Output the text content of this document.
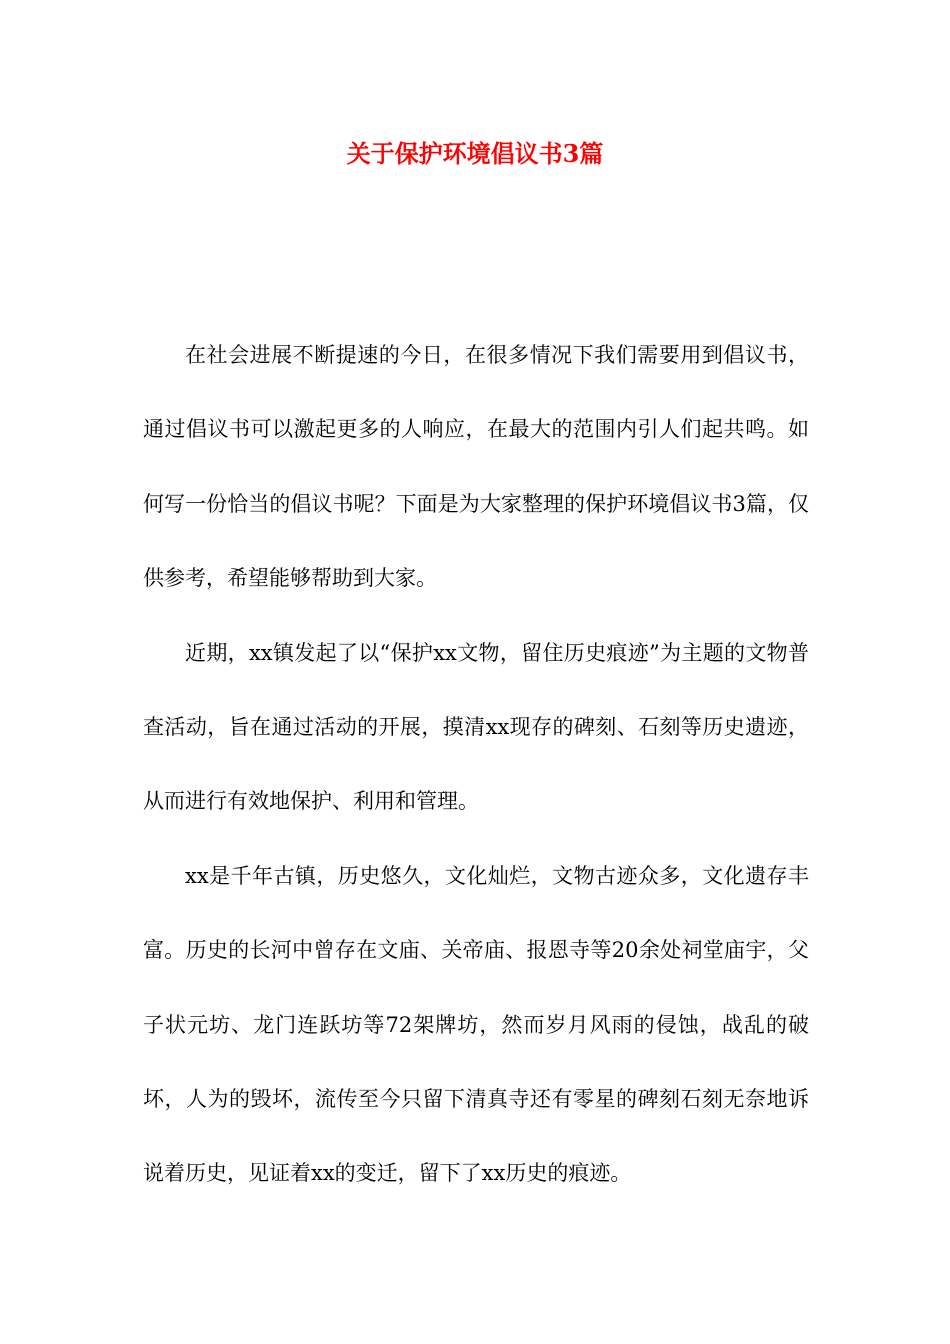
关于保护环境倡议书3篇

在社会进展不断提速的今日，在很多情况下我们需要用到倡议书，通过倡议书可以激起更多的人响应，在最大的范围内引人们起共鸣。如何写一份恰当的倡议书呢？下面是为大家整理的保护环境倡议书3篇，仅供参考，希望能够帮助到大家。

近期，xx镇发起了以“保护xx文物，留住历史痕迹”为主题的文物普查活动，旨在通过活动的开展，摸清xx现存的碑刻、石刻等历史遗迹，从而进行有效地保护、利用和管理。

xx是千年古镇，历史悠久，文化灿烂，文物古迹众多，文化遗存丰富。历史的长河中曾存在文庙、关帝庙、报恩寺等20余处祠堂庙宇，父子状元坊、龙门连跃坊等72架牌坊，然而岁月风雨的侵蚀，战乱的破坏，人为的毁坏，流传至今只留下清真寺还有零星的碑刻石刻无奈地诉说着历史，见证着xx的变迁，留下了xx历史的痕迹。
